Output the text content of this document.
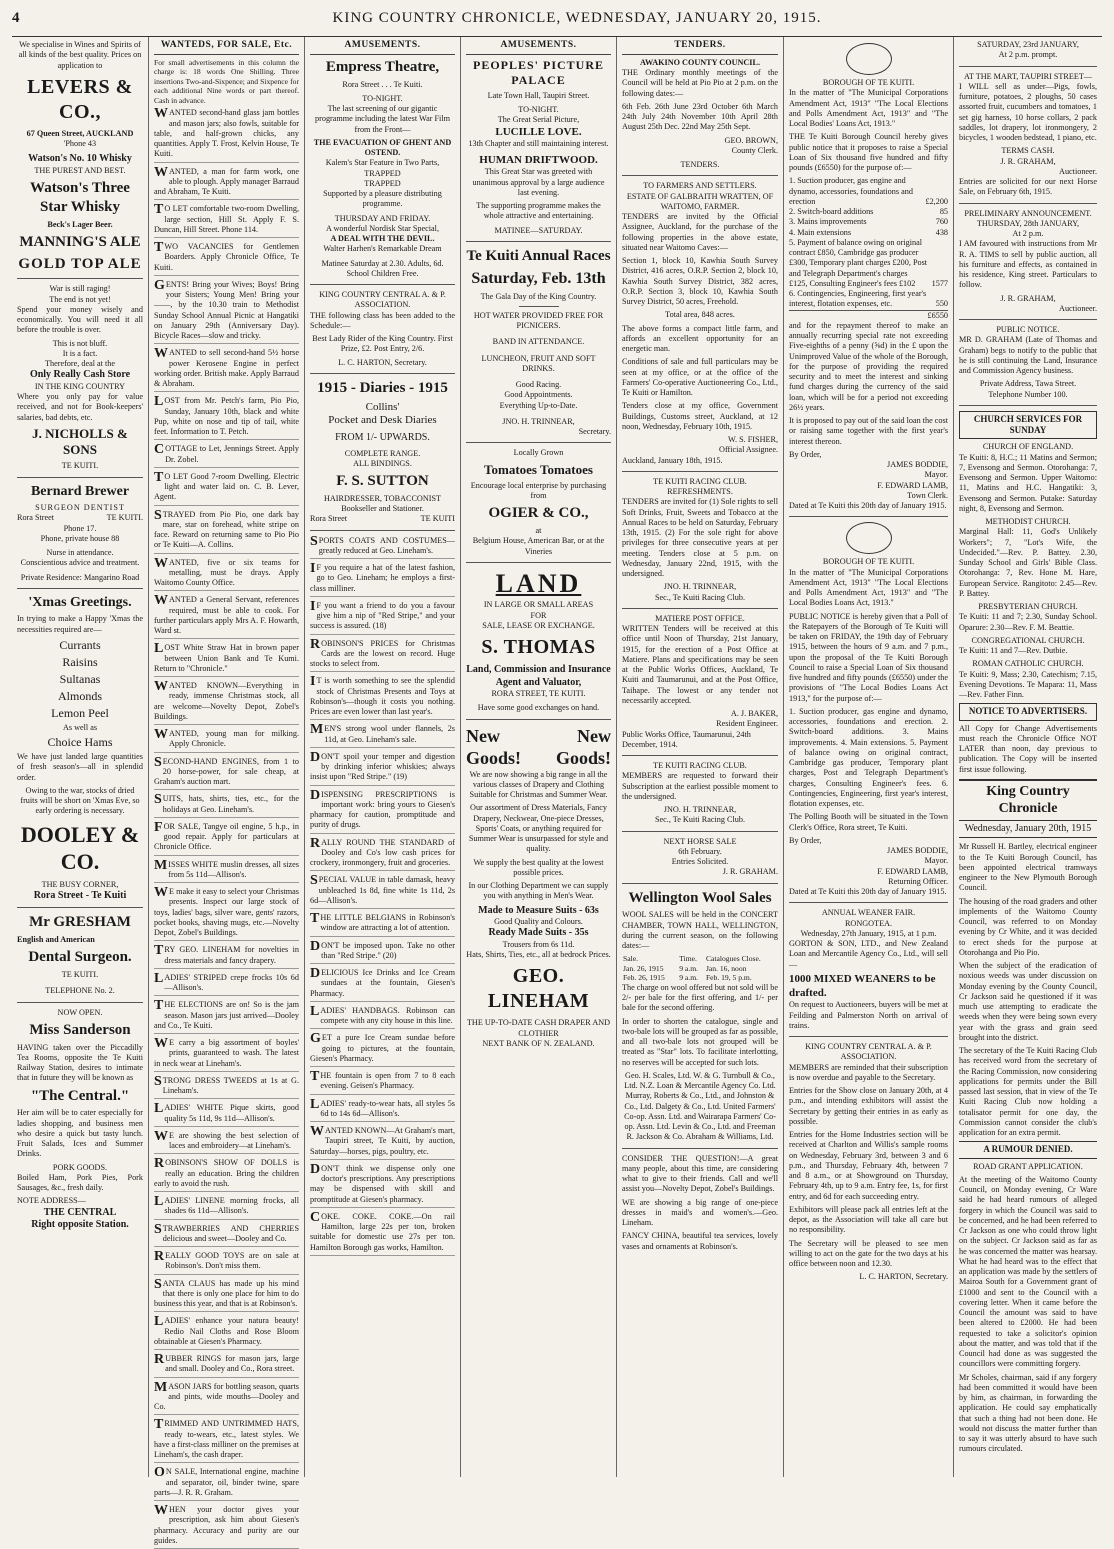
4	KING COUNTRY CHRONICLE, WEDNESDAY, JANUARY 20, 1915.

We specialise in Wines and Spirits of all kinds of the best quality. Prices on application to

LEVERS & CO.,
67 Queen Street, AUCKLAND
'Phone 43
Watson's No. 10 Whisky
THE PUREST AND BEST.
Watson's Three Star Whisky
Beck's Lager Beer.
MANNING'S ALE
GOLD TOP ALE
War is still raging!
The end is not yet!

Spend your money wisely and economically. You will need it all before the trouble is over.

This is not bluff.
It is a fact.
Therefore, deal at the
Only Really Cash Store
IN THE KING COUNTRY

Where you only pay for value received, and not for Book-keepers' salaries, bad debts, etc.

J. NICHOLLS & SONS
TE KUITI.
Bernard Brewer
SURGEON DENTIST
Rora Street	TE KUITI.
Phone 17.
Phone, private house 88
Nurse in attendance.
Conscientious advice and treatment.
Private Residence: Mangarino Road
'Xmas Greetings.

In trying to make a Happy 'Xmas the necessities required are—

Currants
Raisins
Sultanas
Almonds
Lemon Peel
As well as
Choice Hams

We have just landed large quantities of fresh season's—all in splendid order.

Owing to the war, stocks of dried fruits will be short on 'Xmas Eve, so early ordering is necessary.

DOOLEY & CO.
THE BUSY CORNER,
Rora Street - Te Kuiti
Mr GRESHAM
English and American
Dental Surgeon.
TE KUITI.
TELEPHONE No. 2.
NOW OPEN.
Miss Sanderson

HAVING taken over the Piccadilly Tea Rooms, opposite the Te Kuiti Railway Station, desires to intimate that in future they will be known as

"The Central."

Her aim will be to cater especially for ladies shopping, and business men who desire a quick but tasty lunch. Fruit Salads, Ices and Summer Drinks.

PORK GOODS.

Boiled Ham, Pork Pies, Pork Sausages, &c., fresh daily.

NOTE ADDRESS—
THE CENTRAL
Right opposite Station.
WANTEDS, FOR SALE, Etc.

For small advertisements in this column the charge is: 18 words One Shilling. Three insertions Two-and-Sixpence; and Sixpence for each additional Nine words or part thereof. Cash in advance.

WANTED second-hand glass jam bottles and mason jars; also fowls, suitable for table, and half-grown chicks, any quantities. Apply T. Frost, Kelvin House, Te Kuiti.

WANTED, a man for farm work, one able to plough. Apply manager Barraud and Abraham, Te Kuiti.

TO LET comfortable two-room Dwelling, large section, Hill St. Apply F. S. Duncan, Hill Street. Phone 114.

TWO VACANCIES for Gentlemen Boarders. Apply Chronicle Office, Te Kuiti.

GENTS! Bring your Wives; Boys! Bring your Sisters; Young Men! Bring your——, by the 10.30 train to Methodist Sunday School Annual Picnic at Hangatiki on January 29th (Anniversary Day). Bicycle Races—slow and tricky.

WANTED to sell second-hand 5½ horse power Kerosene Engine in perfect working order. British make. Apply Barraud & Abraham.

LOST from Mr. Petch's farm, Pio Pio, Sunday, January 10th, black and white Pup, white on nose and tip of tail, white feet. Information to T. Petch.

COTTAGE to Let, Jennings Street. Apply Dr. Zobel.

TO LET Good 7-room Dwelling. Electric light and water laid on. C. B. Lever, Agent.

STRAYED from Pio Pio, one dark bay mare, star on forehead, white stripe on face. Reward on returning same to Pio Pio or Te Kuiti—A. Collins.

WANTED, five or six teams for metalling, must be drays. Apply Waitomo County Office.

WANTED a General Servant, references required, must be able to cook. For further particulars apply Mrs A. F. Howarth, Ward st.

LOST White Straw Hat in brown paper between Union Bank and Te Kumi. Return to "Chronicle."

WANTED KNOWN—Everything in ready, immense Christmas stock, all are welcome—Novelty Depot, Zobel's Buildings.

WANTED, young man for milking. Apply Chronicle.

SECOND-HAND ENGINES, from 1 to 20 horse-power, for sale cheap, at Graham's auction mart.

SUITS, hats, shirts, ties, etc., for the holidays at Geo. Lineham's.

FOR SALE, Tangye oil engine, 5 h.p., in good repair. Apply for particulars at Chronicle Office.

MISSES WHITE muslin dresses, all sizes from 5s 11d—Allison's.

WE make it easy to select your Christmas presents. Inspect our large stock of toys, ladies' bags, silver ware, gents' razors, pocket books, shaving mugs, etc.—Novelty Depot, Zobel's Buildings.

TRY GEO. LINEHAM for novelties in dress materials and fancy drapery.

LADIES' STRIPED crepe frocks 10s 6d—Allison's.

THE ELECTIONS are on! So is the jam season. Mason jars just arrived—Dooley and Co., Te Kuiti.

WE carry a big assortment of boyles' prints, guaranteed to wash. The latest in neck wear at Lineham's.

STRONG DRESS TWEEDS at 1s at G. Lineham's.

LADIES' WHITE Pique skirts, good quality 5s 11d, 9s 11d—Allison's.

WE are showing the best selection of laces and embroidery—at Lineham's.

ROBINSON'S SHOW OF DOLLS is really an education. Bring the children early to avoid the rush.

LADIES' LINENE morning frocks, all shades 6s 11d—Allison's.

STRAWBERRIES AND CHERRIES delicious and sweet—Dooley and Co.

REALLY GOOD TOYS are on sale at Robinson's. Don't miss them.

SANTA CLAUS has made up his mind that there is only one place for him to do business this year, and that is at Robinson's.

LADIES' enhance your natura beauty! Redio Nail Cloths and Rose Bloom obtainable at Giesen's Pharmacy.

RUBBER RINGS for mason jars, large and small. Dooley and Co., Rora street.

MASON JARS for bottling season, quarts and pints, wide mouths—Dooley and Co.

TRIMMED AND UNTRIMMED HATS, ready to-wears, etc., latest styles. We have a first-class milliner on the premises at Lineham's, the cash draper.

ON SALE, International engine, machine and separator, oil, binder twine, spare parts—J. R. R. Graham.

WHEN your doctor gives your prescription, ask him about Giesen's pharmacy. Accuracy and purity are our guides.

AMUSEMENTS.
Empress Theatre,
Rora Street . . . Te Kuiti.
TO-NIGHT.

The last screening of our gigantic programme including the latest War Film from the Front—

THE EVACUATION OF GHENT AND OSTEND.
Kalem's Star Feature in Two Parts,
TRAPPED
TRAPPED
Supported by a pleasure distributing programme.
THURSDAY AND FRIDAY.
A wonderful Nordisk Star Special,
A DEAL WITH THE DEVIL.
Walter Harhen's Remarkable Dream

Matinee Saturday at 2.30. Adults, 6d. School Children Free.

KING COUNTRY CENTRAL A. & P. ASSOCIATION.

THE following class has been added to the Schedule:—

Best Lady Rider of the King Country. First Prize, £2. Post Entry, 2/6.

L. C. HARTON, Secretary.
1915 - Diaries - 1915
Collins'
Pocket and Desk Diaries
FROM 1/- UPWARDS.
COMPLETE RANGE.
ALL BINDINGS.
F. S. SUTTON
HAIRDRESSER, TOBACCONIST
Bookseller and Stationer.
Rora Street	TE KUITI

SPORTS COATS AND COSTUMES—greatly reduced at Geo. Lineham's.

IF you require a hat of the latest fashion, go to Geo. Lineham; he employs a first-class milliner.

IF you want a friend to do you a favour give him a nip of "Red Stripe," and your success is assured. (18)

ROBINSON'S PRICES for Christmas Cards are the lowest on record. Huge stocks to select from.

IT is worth something to see the splendid stock of Christmas Presents and Toys at Robinson's—though it costs you nothing. Prices are even lower than last year's.

MEN'S strong wool under flannels, 2s 11d, at Geo. Lineham's sale.

DON'T spoil your temper and digestion by drinking inferior whiskies; always insist upon "Red Stripe." (19)

DISPENSING PRESCRIPTIONS is important work: bring yours to Giesen's pharmacy for caution, promptitude and purity of drugs.

RALLY ROUND THE STANDARD of Dooley and Co's low cash prices for crockery, ironmongery, fruit and groceries.

SPECIAL VALUE in table damask, heavy unbleached 1s 8d, fine white 1s 11d, 2s 6d—Allison's.

THE LITTLE BELGIANS in Robinson's window are attracting a lot of attention.

DON'T be imposed upon. Take no other than "Red Stripe." (20)

DELICIOUS Ice Drinks and Ice Cream sundaes at the fountain, Giesen's Pharmacy.

LADIES' HANDBAGS. Robinson can compete with any city house in this line.

GET a pure Ice Cream sundae before going to pictures, at the fountain, Giesen's Pharmacy.

THE fountain is open from 7 to 8 each evening. Geisen's Pharmacy.

LADIES' ready-to-wear hats, all styles 5s 6d to 14s 6d—Allison's.

WANTED KNOWN—At Graham's mart, Taupiri street, Te Kuiti, by auction, Saturday—horses, pigs, poultry, etc.

DON'T think we dispense only one doctor's prescriptions. Any prescriptions may be dispensed with skill and promptitude at Giesen's pharmacy.

COKE. COKE. COKE.—On rail Hamilton, large 22s per ton, broken suitable for domestic use 27s per ton. Hamilton Borough gas works, Hamilton.

AMUSEMENTS.
PEOPLES' PICTURE PALACE
Late Town Hall, Taupiri Street.
TO-NIGHT.
The Great Serial Picture,
LUCILLE LOVE.
13th Chapter and still maintaining interest.
HUMAN DRIFTWOOD.

This Great Star was greeted with unanimous approval by a large audience last evening.

The supporting programme makes the whole attractive and entertaining.

MATINEE—SATURDAY.
Te Kuiti Annual Races
Saturday, Feb. 13th
The Gala Day of the King Country.
HOT WATER PROVIDED FREE FOR PICNICERS.
BAND IN ATTENDANCE.
LUNCHEON, FRUIT AND SOFT DRINKS.
Good Racing.
Good Appointments.
Everything Up-to-Date.
JNO. H. TRINNEAR,
Secretary.
Locally Grown
Tomatoes Tomatoes
Encourage local enterprise by purchasing from
OGIER & CO.,
at
Belgium House, American Bar, or at the Vineries
LAND
IN LARGE OR SMALL AREAS
FOR
SALE, LEASE OR EXCHANGE.
S. THOMAS
Land, Commission and Insurance Agent and Valuator,
RORA STREET, TE KUITI.
Have some good exchanges on hand.
New	New
Goods! Goods!

We are now showing a big range in all the various classes of Drapery and Clothing Suitable for Christmas and Summer Wear.

Our assortment of Dress Materials, Fancy Drapery, Neckwear, One-piece Dresses, Sports' Coats, or anything required for Summer Wear is unsurpassed for style and quality.

We supply the best quality at the lowest possible prices.

In our Clothing Department we can supply you with anything in Men's Wear.

Made to Measure Suits - 63s
Good Quality and Colours.
Ready Made Suits - 35s
Trousers from 6s 11d.
Hats, Shirts, Ties, etc., all at bedrock Prices.
GEO. LINEHAM
THE UP-TO-DATE CASH DRAPER AND CLOTHIER
NEXT BANK OF N. ZEALAND.
TENDERS.
AWAKINO COUNTY COUNCIL.

THE Ordinary monthly meetings of the Council will be held at Pio Pio at 2 p.m. on the following dates:—

6th Feb. 26th June 23rd October 6th March 24th July 24th November 10th April 28th August 25th Dec. 22nd May 25th Sept.

GEO. BROWN,
County Clerk.
TENDERS.
TO FARMERS AND SETTLERS.
ESTATE OF GALBRAITH WRATTEN, OF WAITOMO, FARMER.

TENDERS are invited by the Official Assignee, Auckland, for the purchase of the following properties in the above estate, situated near Waitomo Caves:—

Section 1, block 10, Kawhia South Survey District, 416 acres, O.R.P. Section 2, block 10, Kawhia South Survey District, 382 acres, O.R.P. Section 3, block 10, Kawhia South Survey District, 50 acres, Freehold.

Total area, 848 acres.

The above forms a compact little farm, and affords an excellent opportunity for an energetic man.

Conditions of sale and full particulars may be seen at my office, or at the office of the Farmers' Co-operative Auctioneering Co., Ltd., Te Kuiti or Hamilton.

Tenders close at my office, Government Buildings, Customs street, Auckland, at 12 noon, Wednesday, February 10th, 1915.

W. S. FISHER,
Official Assignee.
Auckland, January 18th, 1915.
TE KUITI RACING CLUB.
REFRESHMENTS.

TENDERS are invited for (1) Sole rights to sell Soft Drinks, Fruit, Sweets and Tobacco at the Annual Races to be held on Saturday, February 13th, 1915. (2) For the sole right for above privileges for three consecutive years at per meeting. Tenders close at 5 p.m. on Wednesday, January 22nd, 1915, with the undersigned.

JNO. H. TRINNEAR,
Sec., Te Kuiti Racing Club.
MATIERE POST OFFICE.

WRITTEN Tenders will be received at this office until Noon of Thursday, 21st January, 1915, for the erection of a Post Office at Matiere. Plans and specifications may be seen at the Public Works Offices, Auckland, Te Kuiti and Taumarunui, and at the Post Office, Taihape. The lowest or any tender not necessarily accepted.

A. J. BAKER,
Resident Engineer.
Public Works Office, Taumarunui, 24th December, 1914.
TE KUITI RACING CLUB.

MEMBERS are requested to forward their Subscription at the earliest possible moment to the undersigned.

JNO. H. TRINNEAR,
Sec., Te Kuiti Racing Club.
NEXT HORSE SALE
6th February.
Entries Solicited.
J. R. GRAHAM.
Wellington Wool Sales

WOOL SALES will be held in the CONCERT CHAMBER, TOWN HALL, WELLINGTON, during the current season, on the following dates:—

Sale.	Time.	Catalogues Close.
Jan. 26, 1915	9 a.m.	Jan. 16, noon
Feb. 26, 1915	9 a.m.	Feb. 19, 5 p.m.

The charge on wool offered but not sold will be 2/- per bale for the first offering, and 1/- per bale for the second offering.

In order to shorten the catalogue, single and two-bale lots will be grouped as far as possible, and all two-bale lots not grouped will be treated as "Star" lots. To facilitate interlotting, no reserves will be accepted for such lots.

Geo. H. Scales, Ltd. W. & G. Turnbull & Co., Ltd. N.Z. Loan & Mercantile Agency Co. Ltd. Murray, Roberts & Co., Ltd., and Johnston & Co., Ltd. Dalgety & Co., Ltd. United Farmers' Co-op. Assn. Ltd. and Wairarapa Farmers' Co-op. Assn. Ltd. Levin & Co., Ltd. and Freeman R. Jackson & Co. Abraham & Williams, Ltd.

CONSIDER THE QUESTION!—A great many people, about this time, are considering what to give to their friends. Call and we'll assist you—Novelty Depot, Zobel's Buildings.

WE are showing a big range of one-piece dresses in maid's and women's.—Geo. Lineham.

FANCY CHINA, beautiful tea services, lovely vases and ornaments at Robinson's.

BOROUGH OF TE KUITI.

In the matter of "The Municipal Corporations Amendment Act, 1913" "The Local Elections and Polls Amendment Act, 1913" and "The Local Bodies' Loans Act, 1913."

THE Te Kuiti Borough Council hereby gives public notice that it proposes to raise a Special Loan of Six thousand five hundred and fifty pounds (£6550) for the purpose of:—

1. Suction producer, gas engine and dynamo, accessories, foundations and erection	£2,200
2. Switch-board additions	85
3. Mains improvements	760
4. Main extensions	438
5. Payment of balance owing on original contract £850, Cambridge gas producer £300, Temporary plant charges £200, Post and Telegraph Department's charges £125, Consulting Engineer's fees £102	1577
6. Contingencies, Engineering, first year's interest, flotation expenses, etc.	550
£6550

and for the repayment thereof to make an annually recurring special rate not exceeding Five-eighths of a penny (⅝d) in the £ upon the Unimproved Value of the whole of the Borough, for the purpose of providing the required security and to meet the interest and sinking fund charges during the currency of the said loan, which will be for a period not exceeding 26½ years.

It is proposed to pay out of the said loan the cost or raising same together with the first year's interest thereon.

By Order,
JAMES BODDIE,
Mayor.
F. EDWARD LAMB,
Town Clerk.
Dated at Te Kuiti this 20th day of January 1915.
BOROUGH OF TE KUITI.

In the matter of "The Municipal Corporations Amendment Act, 1913" "The Local Elections and Polls Amendment Act, 1913" and "The Local Bodies Loans Act, 1913."

PUBLIC NOTICE is hereby given that a Poll of the Ratepayers of the Borough of Te Kuiti will be taken on FRIDAY, the 19th day of February 1915, between the hours of 9 a.m. and 7 p.m., upon the proposal of the Te Kuiti Borough Council to raise a Special Loan of Six thousand five hundred and fifty pounds (£6550) under the provisions of "The Local Bodies Loans Act 1913," for the purpose of:—

1. Suction producer, gas engine and dynamo, accessories, foundations and erection. 2. Switch-board additions. 3. Mains improvements. 4. Main extensions. 5. Payment of balance owing on original contract, Cambridge gas producer, Temporary plant charges, Post and Telegraph Department's charges, Consulting Engineer's fees. 6. Contingencies, Engineering, first year's interest, flotation expenses, etc.

The Polling Booth will be situated in the Town Clerk's Office, Rora street, Te Kuiti.

By Order,
JAMES BODDIE,
Mayor.
F. EDWARD LAMB,
Returning Officer.
Dated at Te Kuiti this 20th day of January 1915.
ANNUAL WEANER FAIR.
RONGOTEA.
Wednesday, 27th January, 1915, at 1 p.m.

GORTON & SON, LTD., and New Zealand Loan and Mercantile Agency Co., Ltd., will sell—

1000 MIXED WEANERS to be drafted.

On request to Auctioneers, buyers will be met at Feilding and Palmerston North on arrival of trains.

KING COUNTRY CENTRAL A. & P. ASSOCIATION.

MEMBERS are reminded that their subscription is now overdue and payable to the Secretary.

Entries for the Show close on January 20th, at 4 p.m., and intending exhibitors will assist the Secretary by getting their entries in as early as possible.

Entries for the Home Industries section will be received at Charlton and Willis's sample rooms on Wednesday, February 3rd, between 3 and 6 p.m., and Thursday, February 4th, between 7 and 8 a.m., or at Showground on Thursday, February 4th, up to 9 a.m. Entry fee, 1s, for first entry, and 6d for each succeeding entry.

Exhibitors will please pack all entries left at the depot, as the Association will take all care but no responsibility.

The Secretary will be pleased to see men willing to act on the gate for the two days at his office between noon and 12.30.

L. C. HARTON, Secretary.
SATURDAY, 23rd JANUARY,
At 2 p.m. prompt.
AT THE MART, TAUPIRI STREET—

I WILL sell as under—Pigs, fowls, furniture, potatoes, 2 ploughs, 50 cases assorted fruit, cucumbers and tomatoes, 1 set gig harness, 10 horse collars, 2 pack saddles, lot drapery, lot ironmongery, 2 bicycles, 1 wooden bedstead, 1 piano, etc.

TERMS CASH.
J. R. GRAHAM,
Auctioneer.

Entries are solicited for our next Horse Sale, on February 6th, 1915.

PRELIMINARY ANNOUNCEMENT.
THURSDAY, 28th JANUARY,
At 2 p.m.

I AM favoured with instructions from Mr R. A. TIMS to sell by public auction, all his furniture and effects, as contained in his residence, King street. Particulars to follow.

J. R. GRAHAM,
Auctioneer.
PUBLIC NOTICE.

MR D. GRAHAM (Late of Thomas and Graham) begs to notify to the public that he is still continuing the Land, Insurance and Commission Agency business.

Private Address, Tawa Street.
Telephone Number 100.
CHURCH SERVICES FOR SUNDAY
CHURCH OF ENGLAND.

Te Kuiti: 8, H.C.; 11 Matins and Sermon; 7, Evensong and Sermon. Otorohanga: 7, Evensong and Sermon. Upper Waitomo: 11, Matins and H.C. Hangatiki: 3, Evensong and Sermon. Putake: Saturday night, 8, Evensong and Sermon.

METHODIST CHURCH.

Marginal Hall: 11, God's Unlikely Workers"; 7, "Lot's Wife, the Undecided."—Rev. P. Battey. 2.30, Sunday School and Girls' Bible Class. Otorohanga: 7, Rev. Hone M. Hare, European Service. Rangitoto: 2.45—Rev. P. Battey.

PRESBYTERIAN CHURCH.

Te Kuiti: 11 and 7; 2.30, Sunday School. Oparure: 2.30—Rev. F. M. Beattie.

CONGREGATIONAL CHURCH.

Te Kuiti: 11 and 7—Rev. Dutbie.

ROMAN CATHOLIC CHURCH.

Te Kuiti: 9, Mass; 2.30, Catechism; 7.15, Evening Devotions. Te Mapara: 11, Mass—Rev. Father Finn.

NOTICE TO ADVERTISERS.

All Copy for Change Advertisements must reach the Chronicle Office NOT LATER than noon, day previous to publication. The Copy will be inserted first issue following.

King Country Chronicle
Wednesday, January 20th, 1915

Mr Russell H. Bartley, electrical engineer to the Te Kuiti Borough Council, has been appointed electrical tramways engineer to the New Plymouth Borough Council.

The housing of the road graders and other implements of the Waitomo County Council, was referred to on Monday evening by Cr White, and it was decided to erect sheds for the purpose at Otorohanga and Pio Pio.

When the subject of the eradication of noxious weeds was under discussion on Monday evening by the County Council, Cr Jackson said he questioned if it was much use attempting to eradicate the weeds when they were being sown every year with the grass and grain seed brought into the district.

The secretary of the Te Kuiti Racing Club has received word from the secretary of the Racing Commission, now considering applications for permits under the Bill passed last session, that in view of the Te Kuiti Racing Club now holding a totalisator permit for one day, the Commission cannot consider the club's application for an extra permit.

A RUMOUR DENIED.
ROAD GRANT APPLICATION.

At the meeting of the Waitomo County Council, on Monday evening, Cr Ware said he had heard rumours of alleged forgery in which the Council was said to be concerned, and he had been referred to Cr Jackson as one who could throw light on the subject. Cr Jackson said as far as he was concerned the matter was hearsay. What he had heard was to the effect that an application was made by the settlers of Mairoa South for a Government grant of £1000 and sent to the Council with a covering letter. When it came before the Council the amount was said to have been altered to £2000. He had been requested to take a solicitor's opinion about the matter, and was told that if the Council had done as was suggested the councillors were committing forgery.

Mr Scholes, chairman, said if any forgery had been committed it would have been by him, as chairman, in forwarding the application. He could say emphatically that such a thing had not been done. He would not discuss the matter further than to say it was utterly absurd to have such rumours circulated.
